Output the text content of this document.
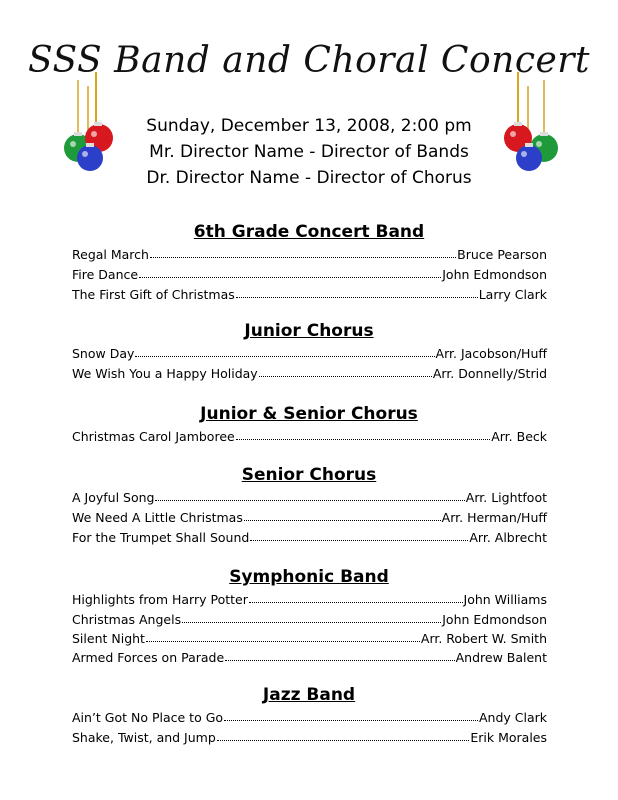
SSS Band and Choral Concert
Sunday, December 13, 2008, 2:00 pm
Mr. Director Name - Director of Bands
Dr. Director Name - Director of Chorus
6th Grade Concert Band
Regal March	Bruce Pearson
Fire Dance	John Edmondson
The First Gift of Christmas	Larry Clark
Junior Chorus
Snow Day	Arr. Jacobson/Huff
We Wish You a Happy Holiday	Arr. Donnelly/Strid
Junior & Senior Chorus
Christmas Carol Jamboree	Arr. Beck
Senior Chorus
A Joyful Song	Arr. Lightfoot
We Need A Little Christmas	Arr. Herman/Huff
For the Trumpet Shall Sound	Arr. Albrecht
Symphonic Band
Highlights from Harry Potter	John Williams
Christmas Angels	John Edmondson
Silent Night	Arr. Robert W. Smith
Armed Forces on Parade	Andrew Balent
Jazz Band
Ain’t Got No Place to Go	Andy Clark
Shake, Twist, and Jump	Erik Morales
